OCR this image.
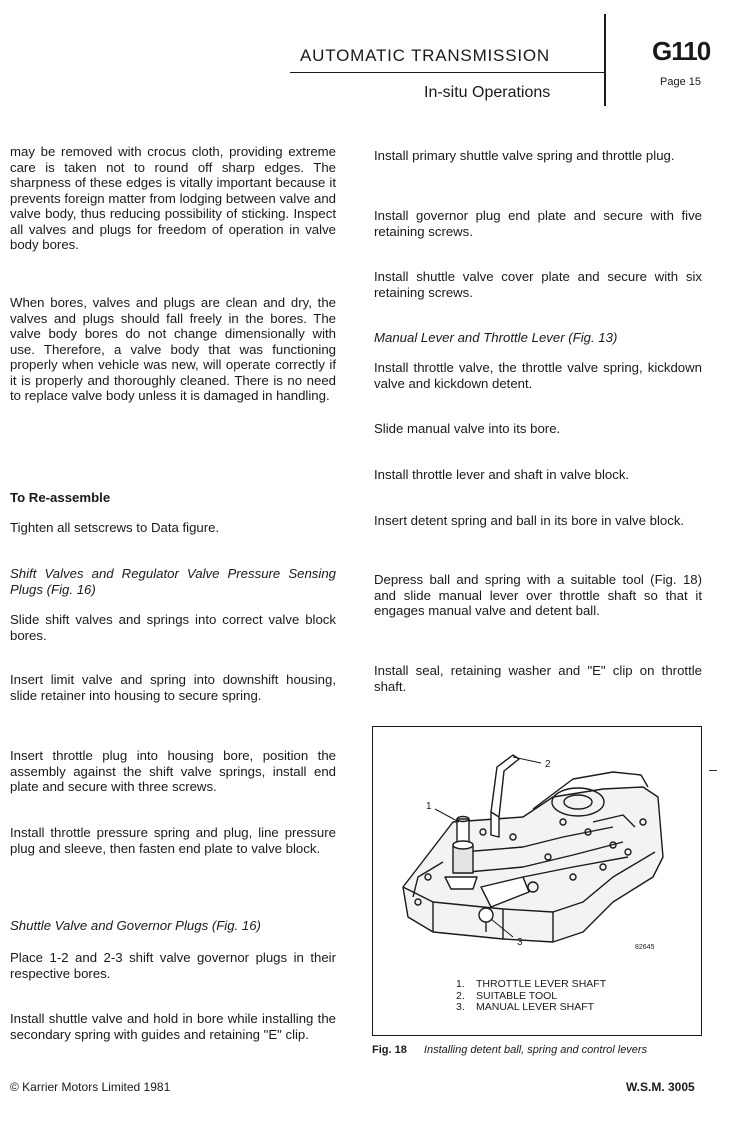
AUTOMATIC TRANSMISSION
In-situ Operations
G110
Page 15

may be removed with crocus cloth, providing extreme care is taken not to round off sharp edges. The sharpness of these edges is vitally important because it prevents foreign matter from lodging between valve and valve body, thus reducing possibility of sticking. Inspect all valves and plugs for freedom of operation in valve body bores.

When bores, valves and plugs are clean and dry, the valves and plugs should fall freely in the bores. The valve body bores do not change dimensionally with use. Therefore, a valve body that was functioning properly when vehicle was new, will operate correctly if it is properly and thoroughly cleaned. There is no need to replace valve body unless it is damaged in handling.

To Re-assemble

Tighten all setscrews to Data figure.

Shift Valves and Regulator Valve Pressure Sensing Plugs (Fig. 16)

Slide shift valves and springs into correct valve block bores.

Insert limit valve and spring into downshift housing, slide retainer into housing to secure spring.

Insert throttle plug into housing bore, position the assembly against the shift valve springs, install end plate and secure with three screws.

Install throttle pressure spring and plug, line pressure plug and sleeve, then fasten end plate to valve block.

Shuttle Valve and Governor Plugs (Fig. 16)

Place 1-2 and 2-3 shift valve governor plugs in their respective bores.

Install shuttle valve and hold in bore while installing the secondary spring with guides and retaining "E" clip.

Install primary shuttle valve spring and throttle plug.

Install governor plug end plate and secure with five retaining screws.

Install shuttle valve cover plate and secure with six retaining screws.

Manual Lever and Throttle Lever (Fig. 13)

Install throttle valve, the throttle valve spring, kickdown valve and kickdown detent.

Slide manual valve into its bore.

Install throttle lever and shaft in valve block.

Insert detent spring and ball in its bore in valve block.

Depress ball and spring with a suitable tool (Fig. 18) and slide manual lever over throttle shaft so that it engages manual valve and detent ball.

Install seal, retaining washer and "E" clip on throttle shaft.

1
2
3	82645
1. THROTTLE LEVER SHAFT
2. SUITABLE TOOL
3. MANUAL LEVER SHAFT
Fig. 18 Installing detent ball, spring and control levers
© Karrier Motors Limited 1981	W.S.M. 3005
